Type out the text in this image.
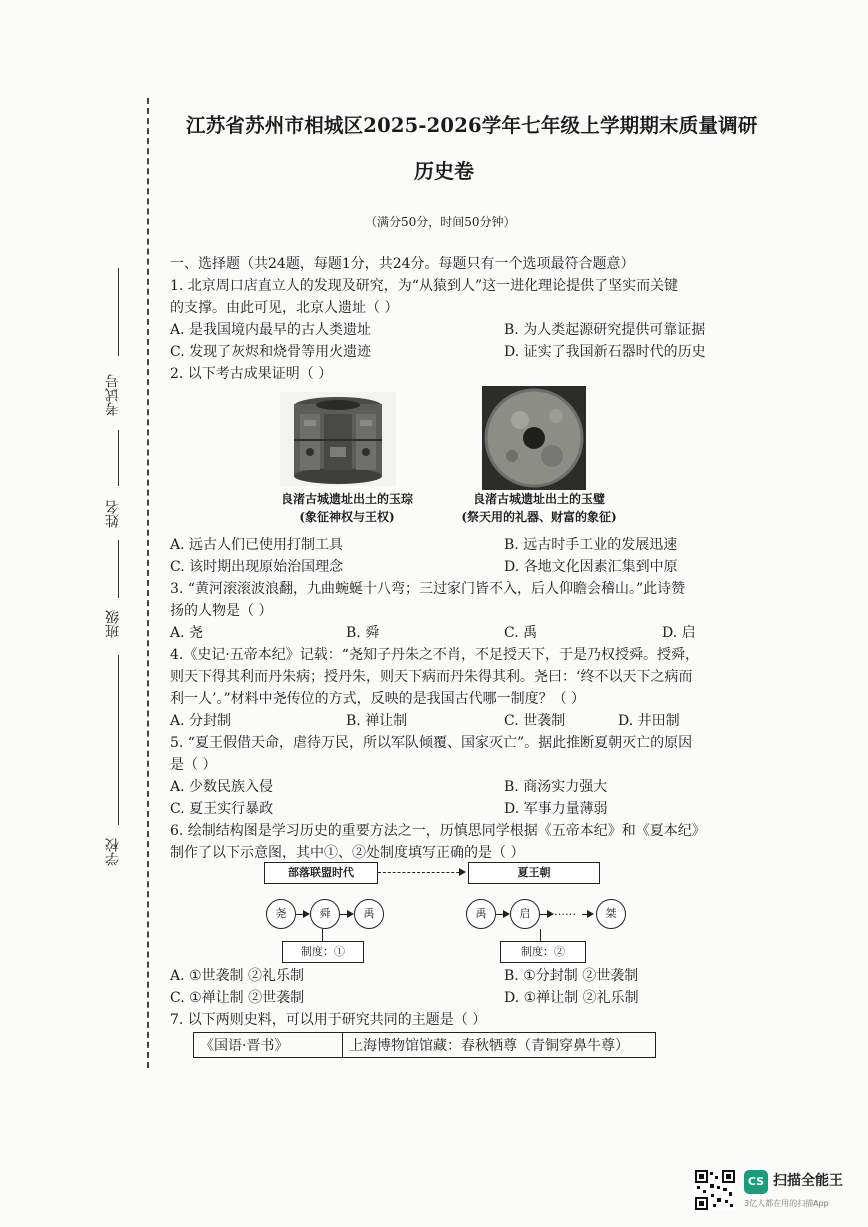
考试号
姓名
班级
学校
江苏省苏州市相城区2025-2026学年七年级上学期期末质量调研
历史卷
（满分50分，时间50分钟）
一、选择题（共24题，每题1分，共24分。每题只有一个选项最符合题意）
1. 北京周口店直立人的发现及研究，为“从猿到人”这一进化理论提供了坚实而关键
的支撑。由此可见，北京人遗址（ ）
A. 是我国境内最早的古人类遗址	B. 为人类起源研究提供可靠证据
C. 发现了灰烬和烧骨等用火遗迹	D. 证实了我国新石器时代的历史
2. 以下考古成果证明（ ）
良渚古城遗址出土的玉琮
(象征神权与王权)
良渚古城遗址出土的玉璧
(祭天用的礼器、财富的象征)
A. 远古人们已使用打制工具	B. 远古时手工业的发展迅速
C. 该时期出现原始治国理念	D. 各地文化因素汇集到中原
3. “黄河滚滚波浪翻，九曲蜿蜒十八弯；三过家门皆不入，后人仰瞻会稽山。”此诗赞
扬的人物是（ ）
A. 尧	B. 舜	C. 禹	D. 启
4.《史记·五帝本纪》记载：“尧知子丹朱之不肖，不足授天下，于是乃权授舜。授舜，
则天下得其利而丹朱病；授丹朱，则天下病而丹朱得其利。尧曰：‘终不以天下之病而
利一人’。”材料中尧传位的方式，反映的是我国古代哪一制度？（ ）
A. 分封制	B. 禅让制	C. 世袭制	D. 井田制
5. “夏王假借天命，虐待万民，所以军队倾覆、国家灭亡”。据此推断夏朝灭亡的原因
是（ ）
A. 少数民族入侵	B. 商汤实力强大
C. 夏王实行暴政	D. 军事力量薄弱
6. 绘制结构图是学习历史的重要方法之一，历慎思同学根据《五帝本纪》和《夏本纪》
制作了以下示意图，其中①、②处制度填写正确的是（ ）
部落联盟时代	夏王朝
尧	舜	禹	禹	启	……	桀
制度：①	制度：②
A. ①世袭制 ②礼乐制	B. ①分封制 ②世袭制
C. ①禅让制 ②世袭制	D. ①禅让制 ②礼乐制
7. 以下两则史料，可以用于研究共同的主题是（ ）
《国语·晋书》	上海博物馆馆藏：春秋牺尊（青铜穿鼻牛尊）
CS 扫描全能王
3亿人都在用的扫描App
